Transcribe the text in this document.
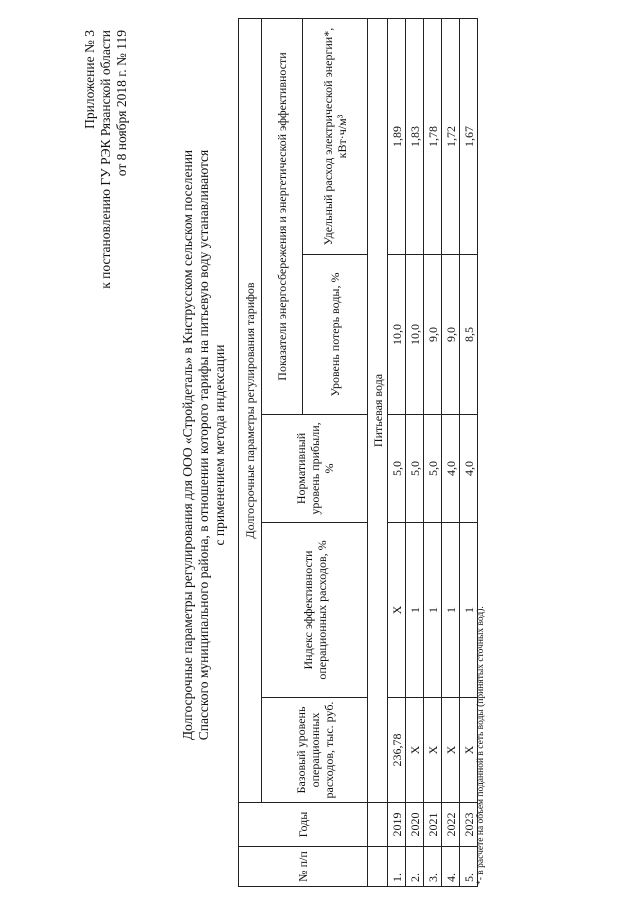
Приложение № 3 к постановлению ГУ РЭК Рязанской области от 8 ноября 2018 г. № 119
Долгосрочные параметры регулирования для ООО «Стройдеталь» в Кнструсском сельском поселении Спасского муниципального района, в отношении которого тарифы на питьевую воду устанавливаются с применением метода индексации
№ п/п	Годы	Долгосрочные параметры регулирования тарифов				
		Базовый уровень операционных расходов, тыс. руб.	Индекс эффективности операционных расходов, %	Нормативный уровень прибыли, %	Показатели энергосбережения и энергетической эффективности	
					Уровень потерь воды, %	Удельный расход электрической энергии*, кВт·ч/м³
		Питьевая вода				
1.	2019	236,78	Х	5,0	10,0	1,89
2.	2020	Х	1	5,0	10,0	1,83
3.	2021	Х	1	5,0	9,0	1,78
4.	2022	Х	1	4,0	9,0	1,72
5.	2023	Х	1	4,0	8,5	1,67
*- в расчете на объем поданной в сеть воды (принятых сточных вод).
